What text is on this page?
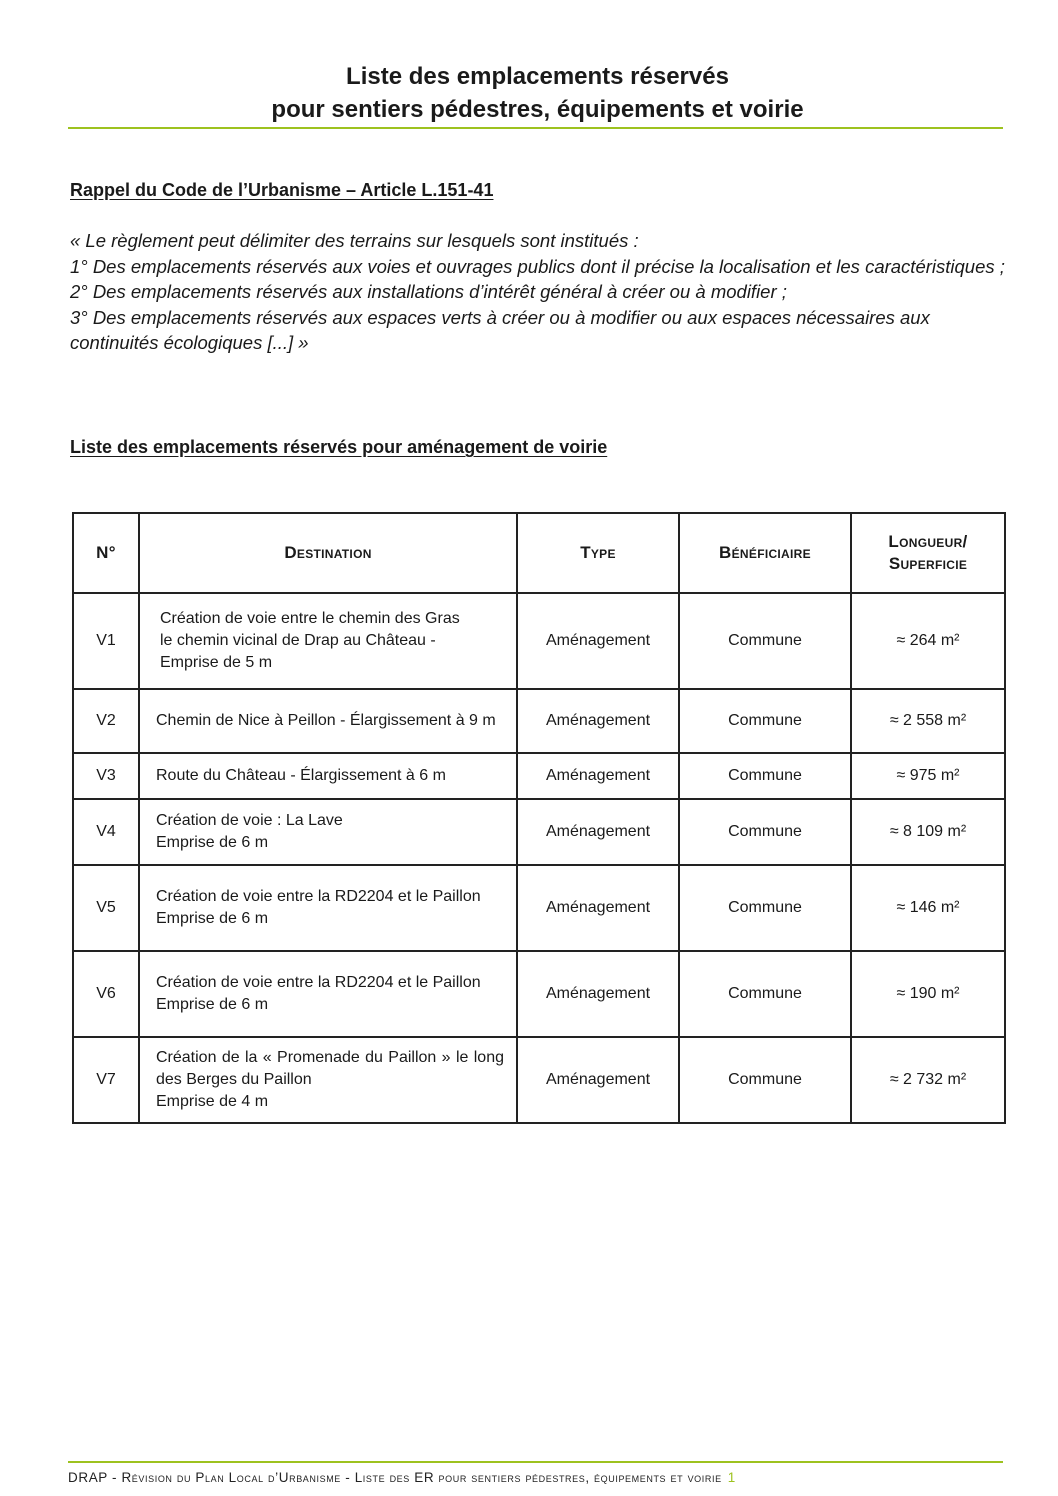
Liste des emplacements réservés
pour sentiers pédestres, équipements et voirie
Rappel du Code de l’Urbanisme – Article L.151-41

« Le règlement peut délimiter des terrains sur lesquels sont institués :

1° Des emplacements réservés aux voies et ouvrages publics dont il précise la localisation et les caractéristiques ;

2° Des emplacements réservés aux installations d’intérêt général à créer ou à modifier ;

3° Des emplacements réservés aux espaces verts à créer ou à modifier ou aux espaces nécessaires aux continuités écologiques [...] »

Liste des emplacements réservés pour aménagement de voirie
N°	Destination	Type	Bénéficiaire	Longueur/
Superficie
V1	Création de voie entre le chemin des Gras
le chemin vicinal de Drap au Château -
Emprise de 5 m	Aménagement	Commune	≈ 264 m²
V2	Chemin de Nice à Peillon - Élargissement à 9 m	Aménagement	Commune	≈ 2 558 m²
V3	Route du Château - Élargissement à 6 m	Aménagement	Commune	≈ 975 m²
V4	Création de voie : La Lave
Emprise de 6 m	Aménagement	Commune	≈ 8 109 m²
V5	Création de voie entre la RD2204 et le Paillon
Emprise de 6 m	Aménagement	Commune	≈ 146 m²
V6	Création de voie entre la RD2204 et le Paillon
Emprise de 6 m	Aménagement	Commune	≈ 190 m²
V7	Création de la « Promenade du Paillon » le long des Berges du Paillon
Emprise de 4 m	Aménagement	Commune	≈ 2 732 m²
DRAP - Révision du Plan Local d’Urbanisme - Liste des ER pour sentiers pédestres, équipements et voirie 1
